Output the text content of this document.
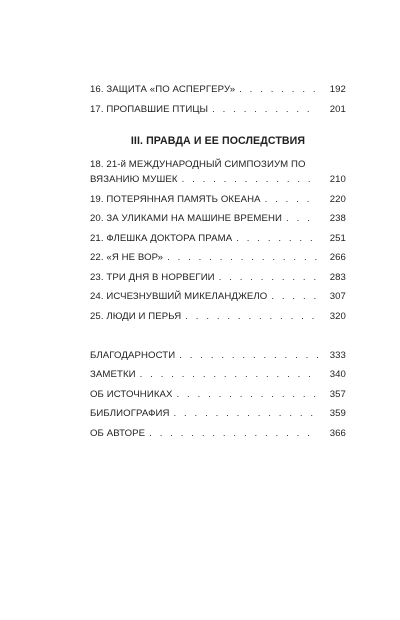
16. ЗАЩИТА «ПО АСПЕРГЕРУ» . . .	192
17. ПРОПАВШИЕ ПТИЦЫ . . .	201
III. ПРАВДА И ЕЕ ПОСЛЕДСТВИЯ
18. 21-й МЕЖДУНАРОДНЫЙ СИМПОЗИУМ ПО
ВЯЗАНИЮ МУШЕК . . .	210
19. ПОТЕРЯННАЯ ПАМЯТЬ ОКЕАНА . . .	220
20. ЗА УЛИКАМИ НА МАШИНЕ ВРЕМЕНИ . . .	238
21. ФЛЕШКА ДОКТОРА ПРАМА . . .	251
22. «Я НЕ ВОР» . . .	266
23. ТРИ ДНЯ В НОРВЕГИИ . . .	283
24. ИСЧЕЗНУВШИЙ МИКЕЛАНДЖЕЛО . . .	307
25. ЛЮДИ И ПЕРЬЯ . . .	320
БЛАГОДАРНОСТИ . . .	333
ЗАМЕТКИ . . .	340
ОБ ИСТОЧНИКАХ . . .	357
БИБЛИОГРАФИЯ . . .	359
ОБ АВТОРЕ . . .	366
